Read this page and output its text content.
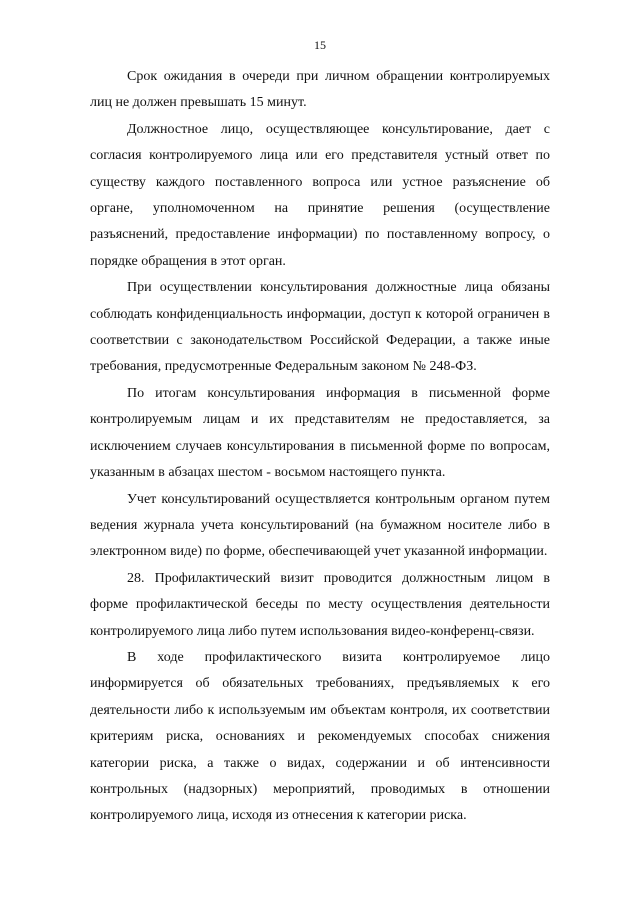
15

Срок ожидания в очереди при личном обращении контролируемых лиц не должен превышать 15 минут.

Должностное лицо, осуществляющее консультирование, дает с согласия контролируемого лица или его представителя устный ответ по существу каждого поставленного вопроса или устное разъяснение об органе, уполномоченном на принятие решения (осуществление разъяснений, предоставление информации) по поставленному вопросу, о порядке обращения в этот орган.

При осуществлении консультирования должностные лица обязаны соблюдать конфиденциальность информации, доступ к которой ограничен в соответствии с законодательством Российской Федерации, а также иные требования, предусмотренные Федеральным законом № 248-ФЗ.

По итогам консультирования информация в письменной форме контролируемым лицам и их представителям не предоставляется, за исключением случаев консультирования в письменной форме по вопросам, указанным в абзацах шестом - восьмом настоящего пункта.

Учет консультирований осуществляется контрольным органом путем ведения журнала учета консультирований (на бумажном носителе либо в электронном виде) по форме, обеспечивающей учет указанной информации.

28. Профилактический визит проводится должностным лицом в форме профилактической беседы по месту осуществления деятельности контролируемого лица либо путем использования видео-конференц-связи.

В ходе профилактического визита контролируемое лицо информируется об обязательных требованиях, предъявляемых к его деятельности либо к используемым им объектам контроля, их соответствии критериям риска, основаниях и рекомендуемых способах снижения категории риска, а также о видах, содержании и об интенсивности контрольных (надзорных) мероприятий, проводимых в отношении контролируемого лица, исходя из отнесения к категории риска.
